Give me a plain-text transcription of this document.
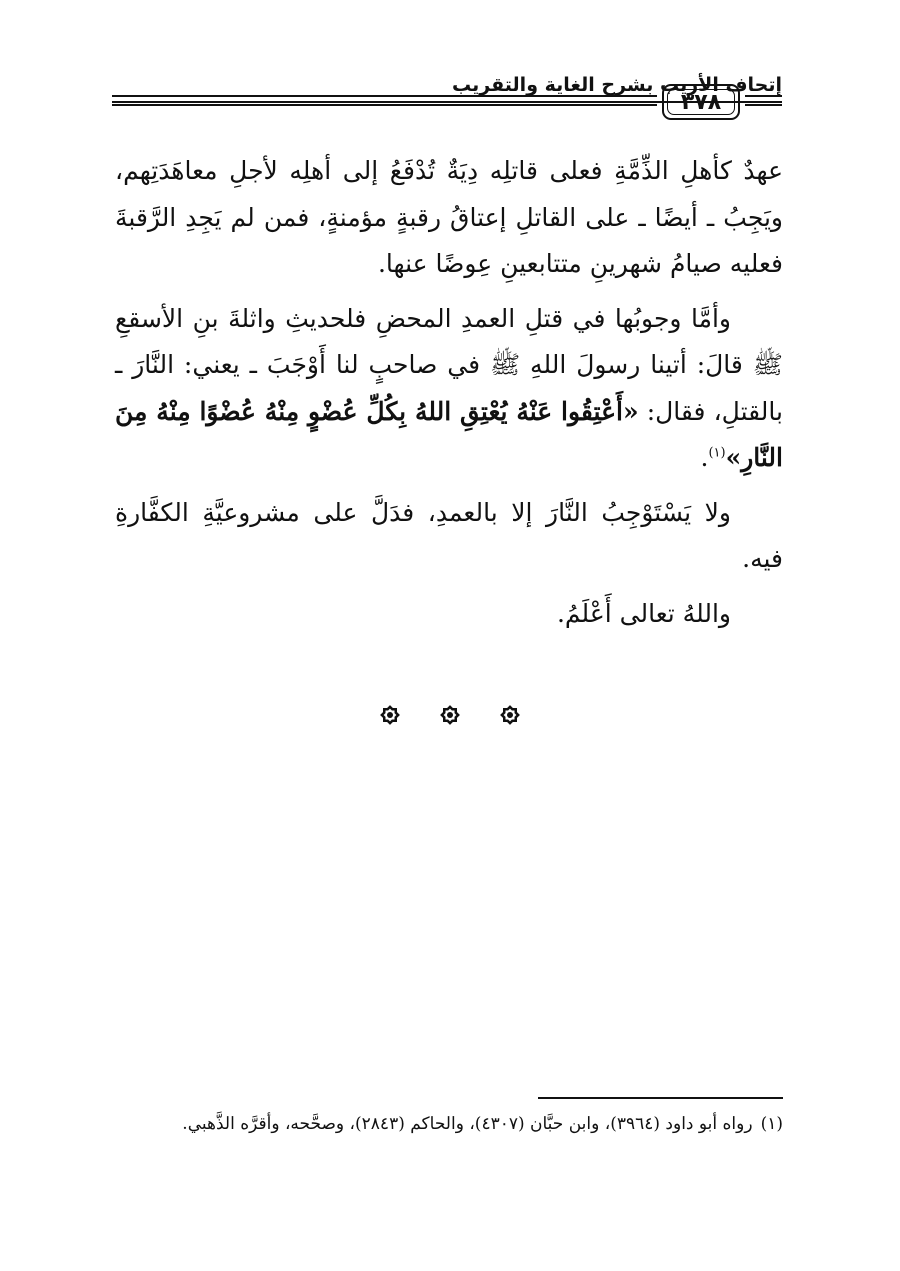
إتحاف الأريب بشرح الغاية والتقريب
٣٧٨

عهدٌ كأهلِ الذِّمَّةِ فعلى قاتلِه دِيَةٌ تُدْفَعُ إلى أهلِه لأجلِ معاهَدَتِهم، ويَجِبُ ـ أيضًا ـ على القاتلِ إعتاقُ رقبةٍ مؤمنةٍ، فمن لم يَجِدِ الرَّقبةَ فعليه صيامُ شهرينِ متتابعينِ عِوضًا عنها.

وأمَّا وجوبُها في قتلِ العمدِ المحضِ فلحديثِ واثلةَ بنِ الأسقعِ ﷺ قالَ: أتينا رسولَ اللهِ ﷺ في صاحبٍ لنا أَوْجَبَ ـ يعني: النَّارَ ـ بالقتلِ، فقال: «أَعْتِقُوا عَنْهُ يُعْتِقِ اللهُ بِكُلِّ عُضْوٍ مِنْهُ عُضْوًا مِنْهُ مِنَ النَّارِ»$^{(١)}$.

ولا يَسْتَوْجِبُ النَّارَ إلا بالعمدِ، فدَلَّ على مشروعيَّةِ الكفَّارةِ فيه.

واللهُ تعالى أَعْلَمُ.

(١)رواه أبو داود (٣٩٦٤)، وابن حبَّان (٤٣٠٧)، والحاكم (٢٨٤٣)، وصحَّحه، وأقرَّه الذَّهبي.
